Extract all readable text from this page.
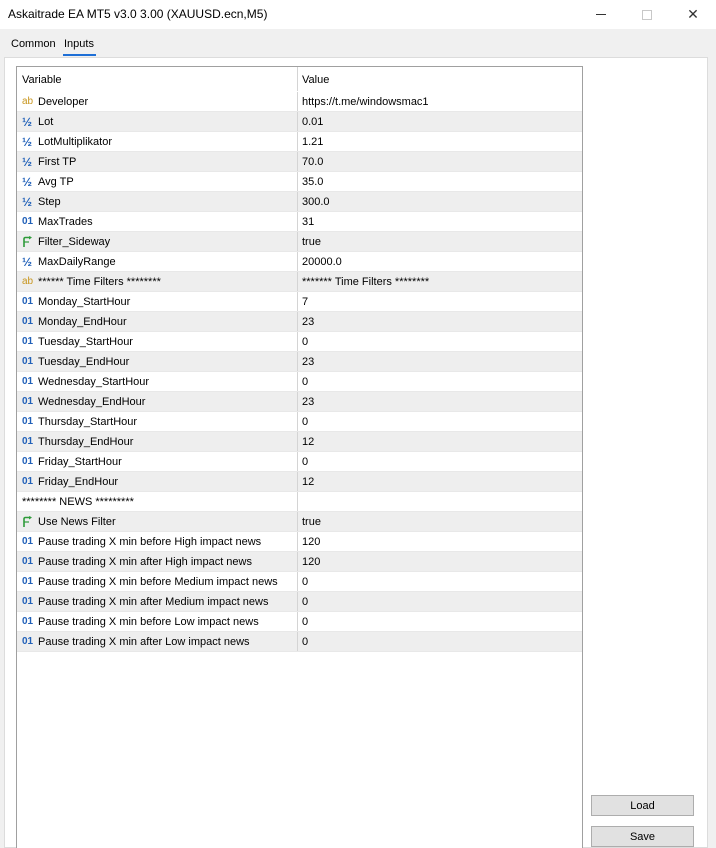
Askaitrade EA MT5 v3.0 3.00 (XAUUSD.ecn,M5)	✕
Common Inputs
Variable	Value
ab Developer	https://t.me/windowsmac1
½ Lot	0.01
½ LotMultiplikator	1.21
½ First TP	70.0
½ Avg TP	35.0
½ Step	300.0
01 MaxTrades	31
Filter_Sideway	true
½ MaxDailyRange	20000.0
ab ****** Time Filters ********	******* Time Filters ********
01 Monday_StartHour	7
01 Monday_EndHour	23
01 Tuesday_StartHour	0
01 Tuesday_EndHour	23
01 Wednesday_StartHour	0
01 Wednesday_EndHour	23
01 Thursday_StartHour	0
01 Thursday_EndHour	12
01 Friday_StartHour	0
01 Friday_EndHour	12
******** NEWS *********
Use News Filter	true
01 Pause trading X min before High impact news	120
01 Pause trading X min after High impact news	120
01 Pause trading X min before Medium impact news	0
01 Pause trading X min after Medium impact news	0
01 Pause trading X min before Low impact news	0
01 Pause trading X min after Low impact news	0
Load
Save
